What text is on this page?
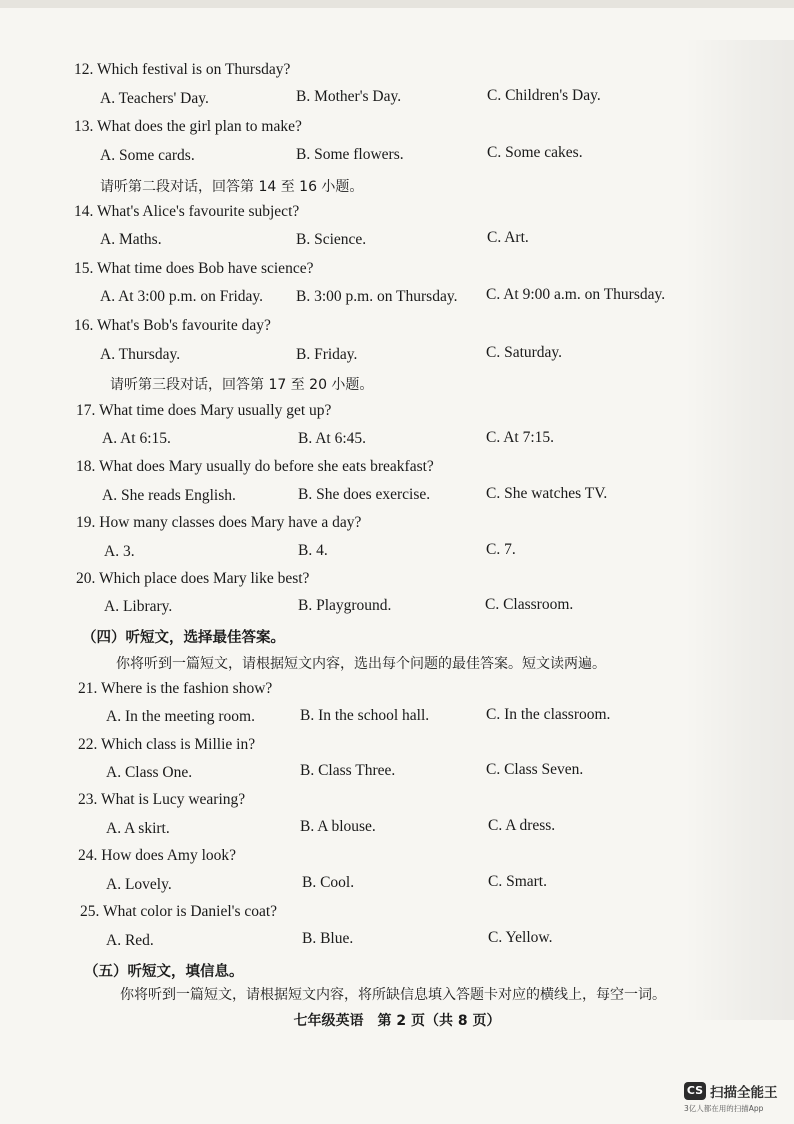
12. Which festival is on Thursday?
A. Teachers' Day.	B. Mother's Day.	C. Children's Day.
13. What does the girl plan to make?
A. Some cards.	B. Some flowers.	C. Some cakes.
请听第二段对话，回答第 14 至 16 小题。
14. What's Alice's favourite subject?
A. Maths.	B. Science.	C. Art.
15. What time does Bob have science?
A. At 3:00 p.m. on Friday. B. 3:00 p.m. on Thursday. C. At 9:00 a.m. on Thursday.
16. What's Bob's favourite day?
A. Thursday.	B. Friday.	C. Saturday.
请听第三段对话，回答第 17 至 20 小题。
17. What time does Mary usually get up?
A. At 6:15.	B. At 6:45.	C. At 7:15.
18. What does Mary usually do before she eats breakfast?
A. She reads English.	B. She does exercise.	C. She watches TV.
19. How many classes does Mary have a day?
A. 3.	B. 4.	C. 7.
20. Which place does Mary like best?
A. Library.	B. Playground.	C. Classroom.
（四）听短文，选择最佳答案。
你将听到一篇短文，请根据短文内容，选出每个问题的最佳答案。短文读两遍。
21. Where is the fashion show?
A. In the meeting room.	B. In the school hall.	C. In the classroom.
22. Which class is Millie in?
A. Class One.	B. Class Three.	C. Class Seven.
23. What is Lucy wearing?
A. A skirt.	B. A blouse.	C. A dress.
24. How does Amy look?
A. Lovely.	B. Cool.	C. Smart.
25. What color is Daniel's coat?
A. Red.	B. Blue.	C. Yellow.
（五）听短文，填信息。
你将听到一篇短文，请根据短文内容，将所缺信息填入答题卡对应的横线上，每空一词。
七年级英语　第 2 页（共 8 页）
CS 扫描全能王
3亿人都在用的扫描App
